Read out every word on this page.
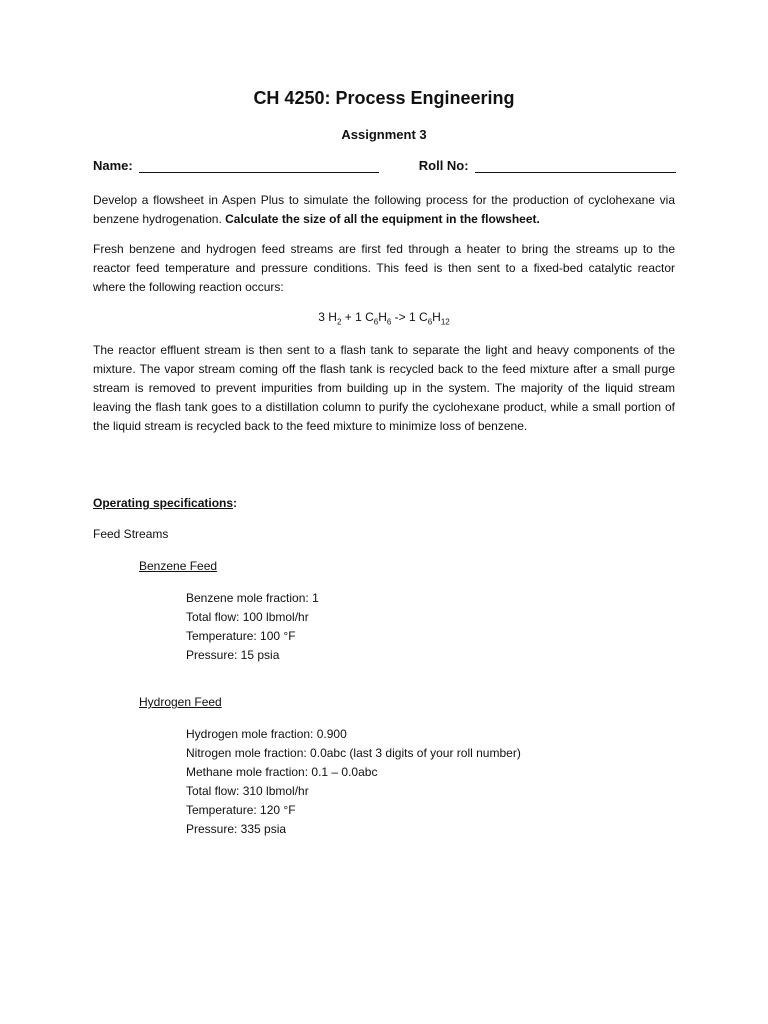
CH 4250: Process Engineering
Assignment 3
Name:	Roll No:
Develop a flowsheet in Aspen Plus to simulate the following process for the production of cyclohexane via benzene hydrogenation. Calculate the size of all the equipment in the flowsheet.
Fresh benzene and hydrogen feed streams are first fed through a heater to bring the streams up to the reactor feed temperature and pressure conditions. This feed is then sent to a fixed-bed catalytic reactor where the following reaction occurs:
3 $H_2 + 1$ $C_6H_6 -> 1$ $C_6H_{12}$
The reactor effluent stream is then sent to a flash tank to separate the light and heavy components of the mixture. The vapor stream coming off the flash tank is recycled back to the feed mixture after a small purge stream is removed to prevent impurities from building up in the system. The majority of the liquid stream leaving the flash tank goes to a distillation column to purify the cyclohexane product, while a small portion of the liquid stream is recycled back to the feed mixture to minimize loss of benzene.
Operating specifications:
Feed Streams
Benzene Feed
Benzene mole fraction: 1
Total flow: 100 lbmol/hr
Temperature: 100 °F
Pressure: 15 psia
Hydrogen Feed
Hydrogen mole fraction: 0.900
Nitrogen mole fraction: 0.0abc (last 3 digits of your roll number)
Methane mole fraction: 0.1 – 0.0abc
Total flow: 310 lbmol/hr
Temperature: 120 °F
Pressure: 335 psia
